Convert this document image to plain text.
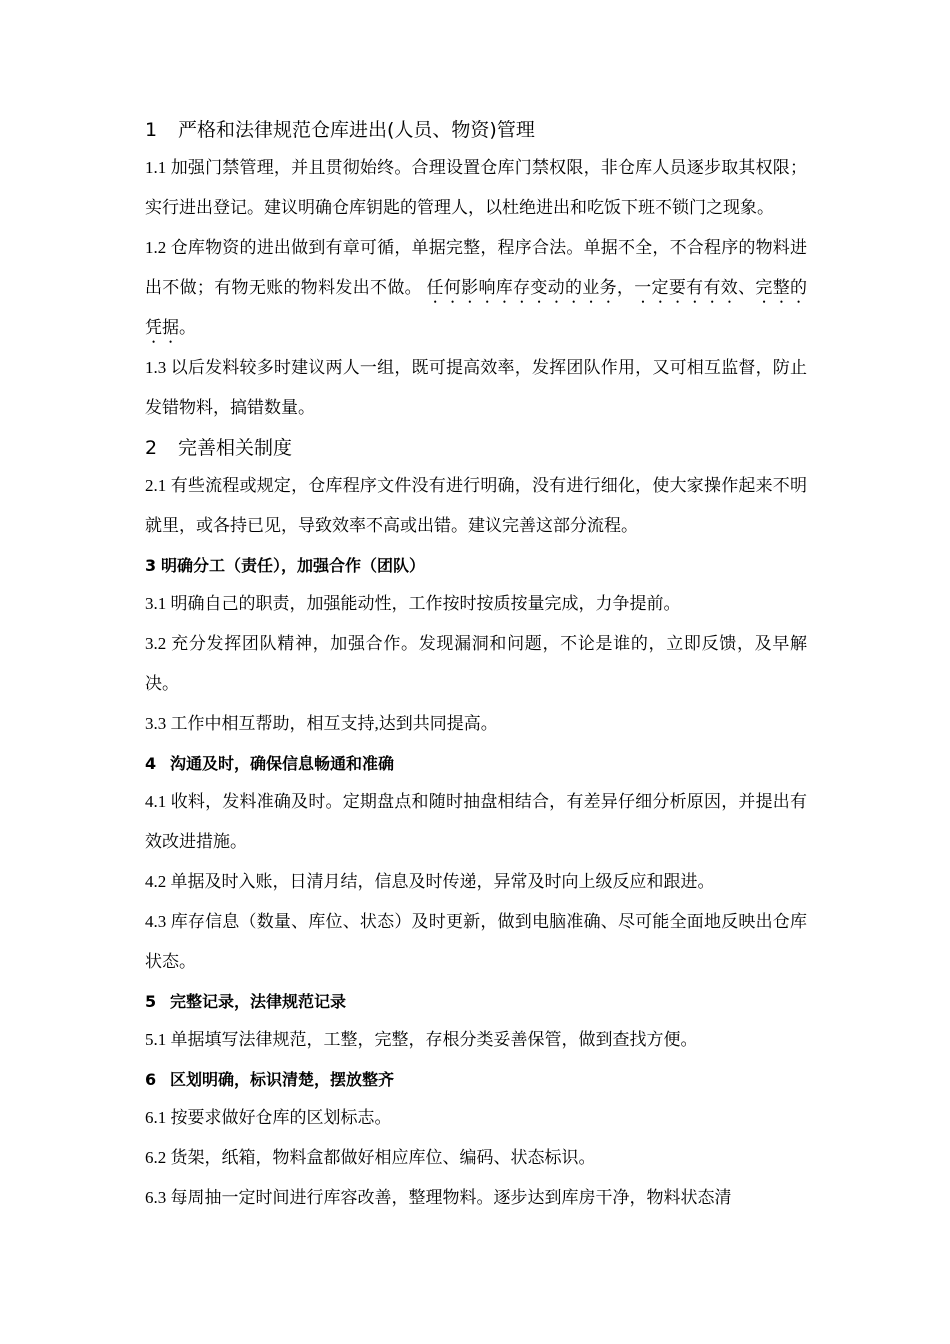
1 严格和法律规范仓库进出(人员、物资)管理

1.1 加强门禁管理，并且贯彻始终。合理设置仓库门禁权限，非仓库人员逐步取其权限；实行进出登记。建议明确仓库钥匙的管理人，以杜绝进出和吃饭下班不锁门之现象。

1.2 仓库物资的进出做到有章可循，单据完整，程序合法。单据不全，不合程序的物料进出不做；有物无账的物料发出不做。 任何影响库存变动的业务，一定要有有效、完整的凭据。

1.3 以后发料较多时建议两人一组，既可提高效率，发挥团队作用，又可相互监督，防止发错物料，搞错数量。

2 完善相关制度

2.1 有些流程或规定，仓库程序文件没有进行明确，没有进行细化，使大家操作起来不明就里，或各持已见，导致效率不高或出错。建议完善这部分流程。

3 明确分工（责任），加强合作（团队）

3.1 明确自己的职责，加强能动性，工作按时按质按量完成，力争提前。

3.2 充分发挥团队精神，加强合作。发现漏洞和问题，不论是谁的，立即反馈，及早解决。

3.3 工作中相互帮助，相互支持,达到共同提高。

4 沟通及时，确保信息畅通和准确

4.1 收料，发料准确及时。定期盘点和随时抽盘相结合，有差异仔细分析原因，并提出有效改进措施。

4.2 单据及时入账，日清月结，信息及时传递，异常及时向上级反应和跟进。

4.3 库存信息（数量、库位、状态）及时更新，做到电脑准确、尽可能全面地反映出仓库状态。

5 完整记录，法律规范记录

5.1 单据填写法律规范，工整，完整，存根分类妥善保管，做到查找方便。

6 区划明确，标识清楚，摆放整齐

6.1 按要求做好仓库的区划标志。

6.2 货架，纸箱，物料盒都做好相应库位、编码、状态标识。

6.3 每周抽一定时间进行库容改善，整理物料。逐步达到库房干净，物料状态清
